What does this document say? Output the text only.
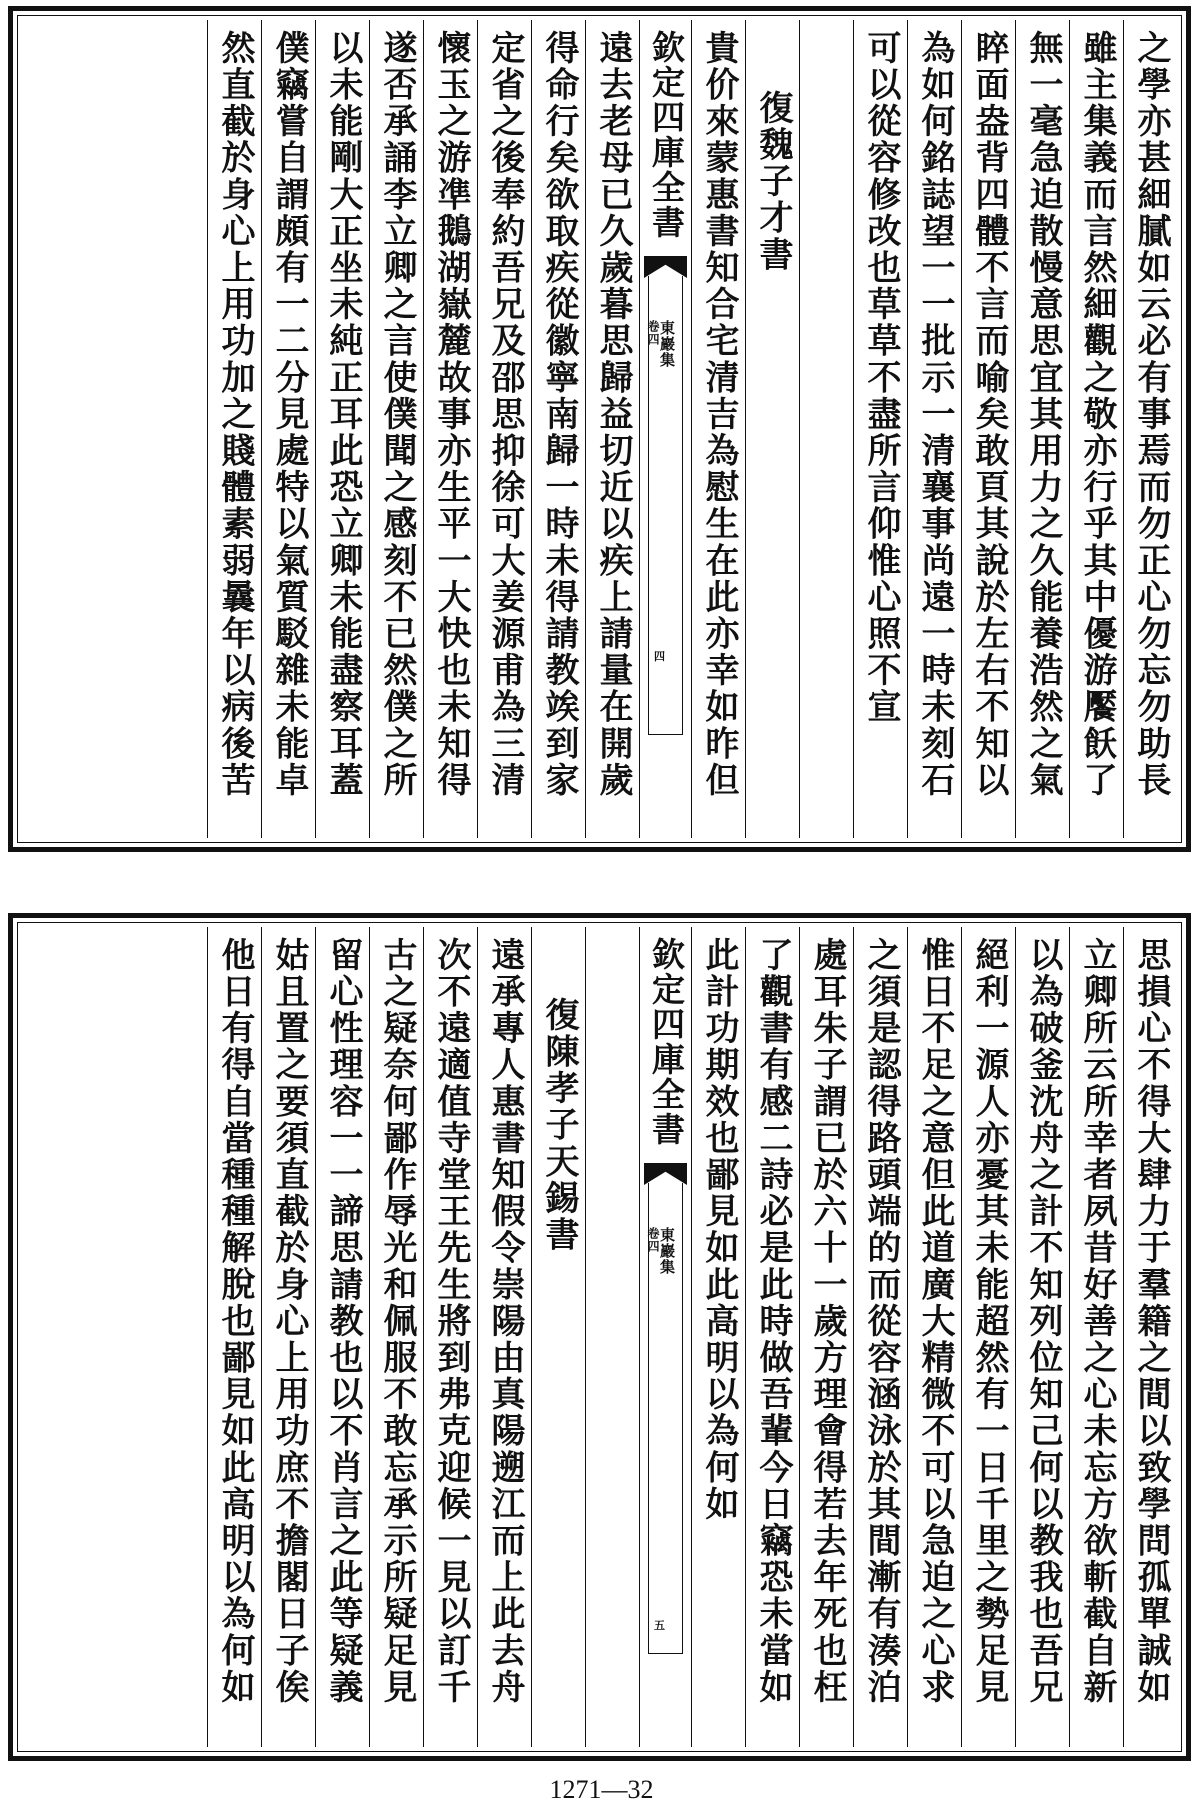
之學亦甚細膩如云必有事焉而勿正心勿忘勿助長
雖主集義而言然細觀之敬亦行乎其中優游饜飫了
無一毫急迫散慢意思宜其用力之久能養浩然之氣
睟面盎背四體不言而喻矣敢頁其說於左右不知以
為如何銘誌望一一批示一清襄事尚遠一時未刻石
可以從容修改也草草不盡所言仰惟心照不宣
復魏子才書
貴价來蒙惠書知合宅清吉為慰生在此亦幸如昨但
欽定四庫全書
東巖集
卷四
四
遠去老母已久歲暮思歸益切近以疾上請量在開歲
得命行矣欲取疾從徽寧南歸一時未得請教竢到家
定省之後奉約吾兄及邵思抑徐可大姜源甫為三清
懷玉之游凖鵝湖嶽麓故事亦生平一大快也未知得
遂否承誦李立卿之言使僕聞之感刻不已然僕之所
以未能剛大正坐未純正耳此恐立卿未能盡察耳蓋
僕竊嘗自謂頗有一二分見處特以氣質駁雜未能卓
然直截於身心上用功加之賤體素弱曩年以病後苦
思損心不得大肆力于羣籍之間以致學問孤單誠如
立卿所云所幸者夙昔好善之心未忘方欲斬截自新
以為破釜沈舟之計不知列位知己何以教我也吾兄
絕利一源人亦憂其未能超然有一日千里之勢足見
惟日不足之意但此道廣大精微不可以急迫之心求
之須是認得路頭端的而從容涵泳於其間漸有湊泊
處耳朱子謂已於六十一歲方理會得若去年死也枉
了觀書有感二詩必是此時做吾輩今日竊恐未當如
此計功期效也鄙見如此高明以為何如
欽定四庫全書
東巖集
卷四
五
復陳孝子天錫書
遠承專人惠書知假令崇陽由真陽遡江而上此去舟
次不遠適值寺堂王先生將到弗克迎候一見以訂千
古之疑奈何鄙作辱光和佩服不敢忘承示所疑足見
留心性理容一一諦思請教也以不肖言之此等疑義
姑且置之要須直截於身心上用功庶不擔閣日子俟
他日有得自當種種解脫也鄙見如此高明以為何如
1271—32
